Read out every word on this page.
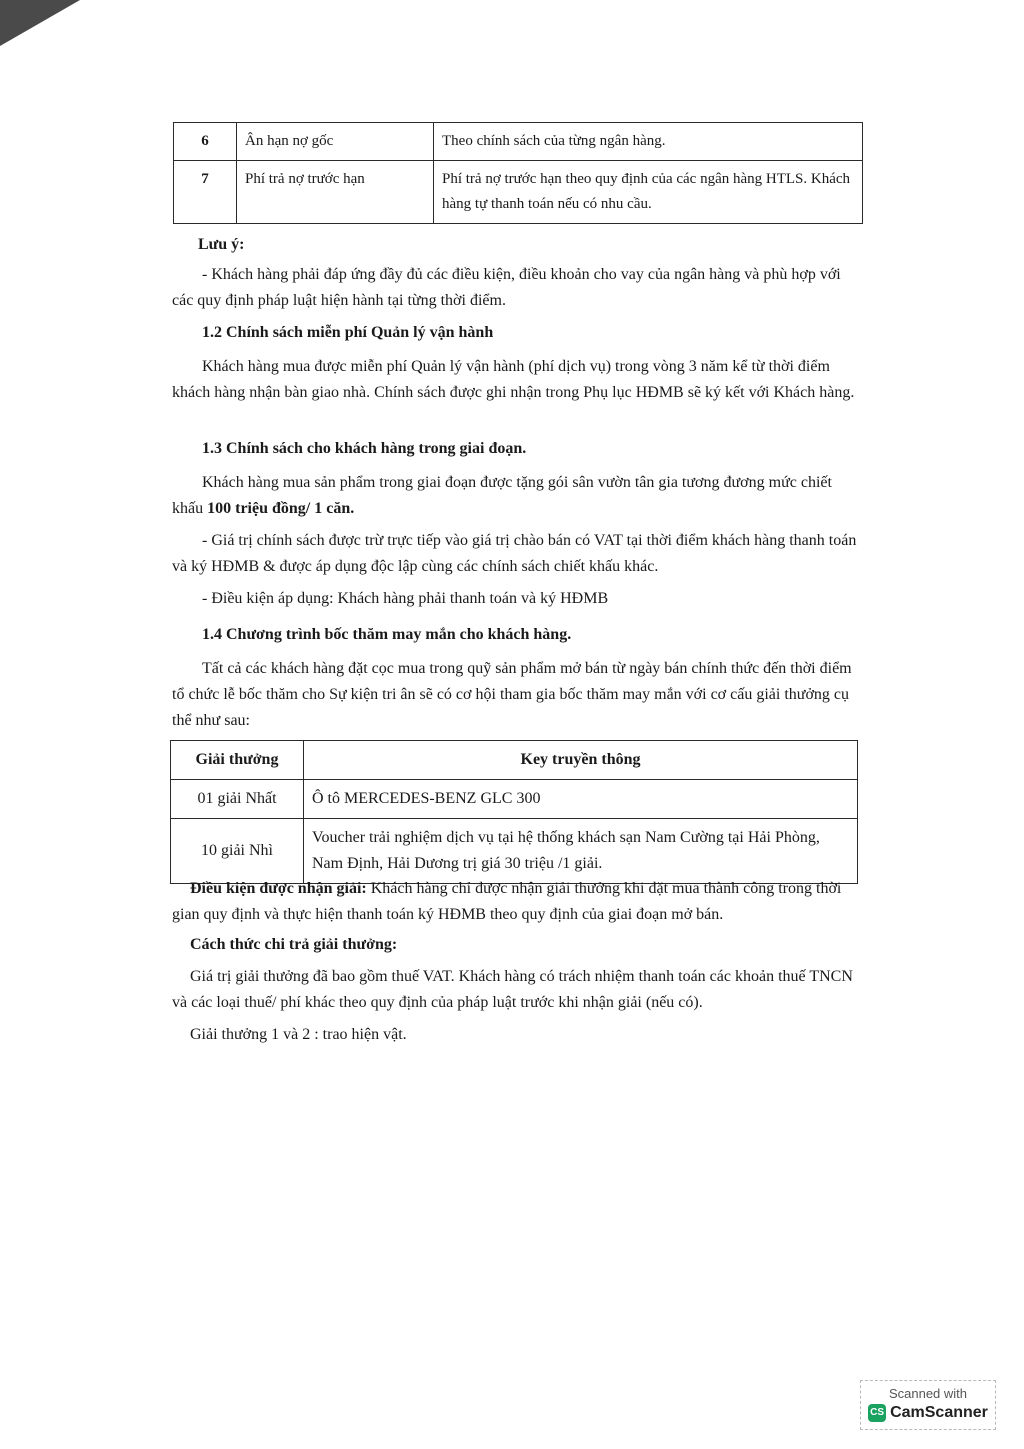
6	Ân hạn nợ gốc	Theo chính sách của từng ngân hàng.
7	Phí trả nợ trước hạn	Phí trả nợ trước hạn theo quy định của các ngân hàng HTLS. Khách hàng tự thanh toán nếu có nhu cầu.
Lưu ý:
- Khách hàng phải đáp ứng đầy đủ các điều kiện, điều khoản cho vay của ngân hàng và phù hợp với các quy định pháp luật hiện hành tại từng thời điểm.
1.2 Chính sách miễn phí Quản lý vận hành
Khách hàng mua được miễn phí Quản lý vận hành (phí dịch vụ) trong vòng 3 năm kể từ thời điểm khách hàng nhận bàn giao nhà. Chính sách được ghi nhận trong Phụ lục HĐMB sẽ ký kết với Khách hàng.
1.3 Chính sách cho khách hàng trong giai đoạn.
Khách hàng mua sản phẩm trong giai đoạn được tặng gói sân vườn tân gia tương đương mức chiết khấu 100 triệu đồng/ 1 căn.
- Giá trị chính sách được trừ trực tiếp vào giá trị chào bán có VAT tại thời điểm khách hàng thanh toán và ký HĐMB & được áp dụng độc lập cùng các chính sách chiết khấu khác.
- Điều kiện áp dụng: Khách hàng phải thanh toán và ký HĐMB
1.4 Chương trình bốc thăm may mắn cho khách hàng.
Tất cả các khách hàng đặt cọc mua trong quỹ sản phẩm mở bán từ ngày bán chính thức đến thời điểm tổ chức lễ bốc thăm cho Sự kiện tri ân sẽ có cơ hội tham gia bốc thăm may mắn với cơ cấu giải thưởng cụ thể như sau:
Giải thưởng	Key truyền thông
01 giải Nhất	Ô tô MERCEDES-BENZ GLC 300
10 giải Nhì	Voucher trải nghiệm dịch vụ tại hệ thống khách sạn Nam Cường tại Hải Phòng, Nam Định, Hải Dương trị giá 30 triệu /1 giải.
Điều kiện được nhận giải: Khách hàng chỉ được nhận giải thưởng khi đặt mua thành công trong thời gian quy định và thực hiện thanh toán ký HĐMB theo quy định của giai đoạn mở bán.
Cách thức chi trả giải thưởng:
Giá trị giải thưởng đã bao gồm thuế VAT. Khách hàng có trách nhiệm thanh toán các khoản thuế TNCN và các loại thuế/ phí khác theo quy định của pháp luật trước khi nhận giải (nếu có).
Giải thưởng 1 và 2 : trao hiện vật.
Scanned with
CS CamScanner
